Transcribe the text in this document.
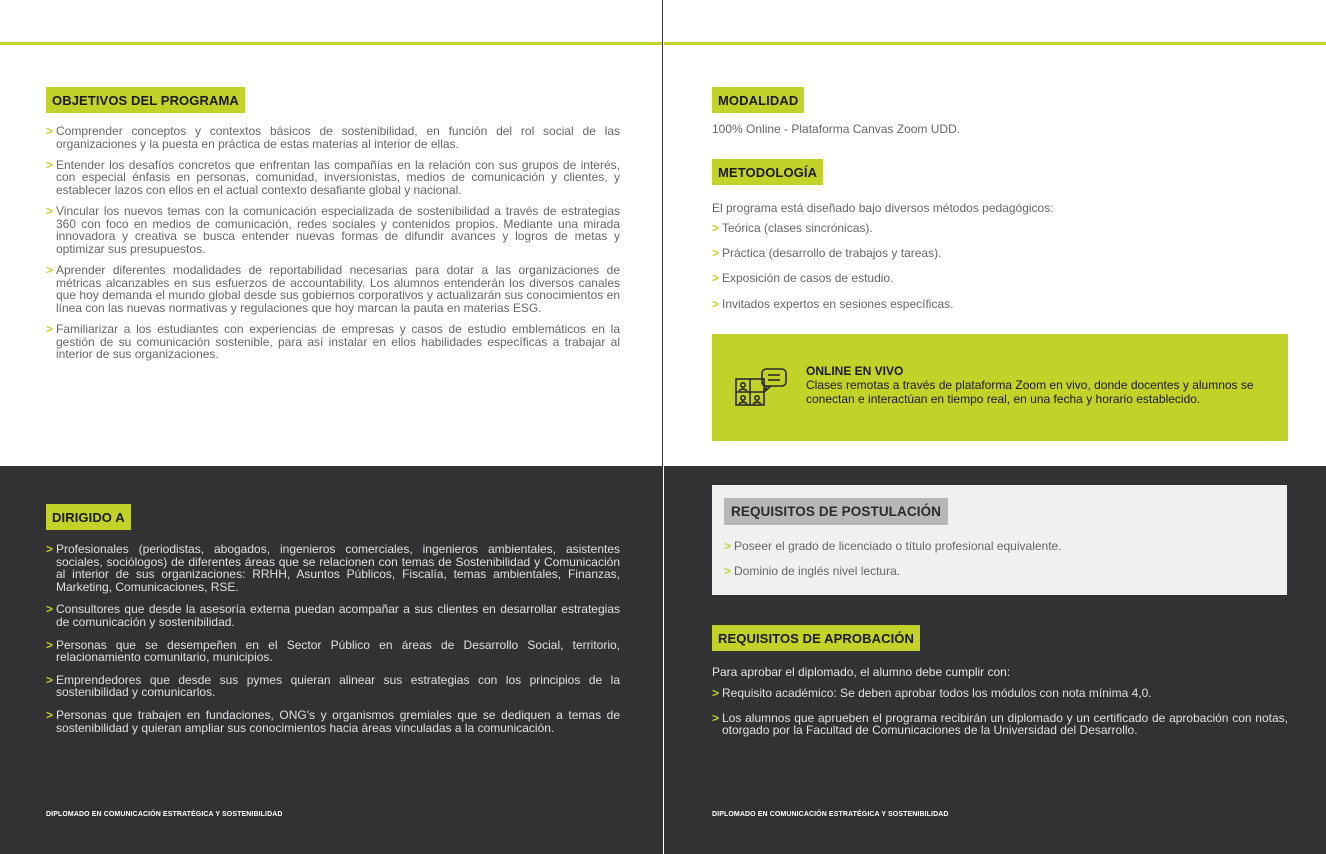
OBJETIVOS DEL PROGRAMA
> Comprender conceptos y contextos básicos de sostenibilidad, en función del rol social de las organizaciones y la puesta en práctica de estas materias al interior de ellas.
> Entender los desafíos concretos que enfrentan las compañías en la relación con sus grupos de interés, con especial énfasis en personas, comunidad, inversionistas, medios de comunicación y clientes, y establecer lazos con ellos en el actual contexto desafiante global y nacional.
> Vincular los nuevos temas con la comunicación especializada de sostenibilidad a través de estrategias 360 con foco en medios de comunicación, redes sociales y contenidos propios. Mediante una mirada innovadora y creativa se busca entender nuevas formas de difundir avances y logros de metas y optimizar sus presupuestos.
> Aprender diferentes modalidades de reportabilidad necesarias para dotar a las organizaciones de métricas alcanzables en sus esfuerzos de accountability. Los alumnos entenderán los diversos canales que hoy demanda el mundo global desde sus gobiernos corporativos y actualizarán sus conocimientos en línea con las nuevas normativas y regulaciones que hoy marcan la pauta en materias ESG.
> Familiarizar a los estudiantes con experiencias de empresas y casos de estudio emblemáticos en la gestión de su comunicación sostenible, para así instalar en ellos habilidades específicas a trabajar al interior de sus organizaciones.
DIRIGIDO A
> Profesionales (periodistas, abogados, ingenieros comerciales, ingenieros ambientales, asistentes sociales, sociólogos) de diferentes áreas que se relacionen con temas de Sostenibilidad y Comunicación al interior de sus organizaciones: RRHH, Asuntos Públicos, Fiscalía, temas ambientales, Finanzas, Marketing, Comunicaciones, RSE.
> Consultores que desde la asesoría externa puedan acompañar a sus clientes en desarrollar estrategias de comunicación y sostenibilidad.
> Personas que se desempeñen en el Sector Público en áreas de Desarrollo Social, territorio, relacionamiento comunitario, municipios.
> Emprendedores que desde sus pymes quieran alinear sus estrategias con los principios de la sostenibilidad y comunicarlos.
> Personas que trabajen en fundaciones, ONG's y organismos gremiales que se dediquen a temas de sostenibilidad y quieran ampliar sus conocimientos hacia áreas vinculadas a la comunicación.
DIPLOMADO EN COMUNICACIÓN ESTRATÉGICA Y SOSTENIBILIDAD
MODALIDAD
100% Online - Plataforma Canvas Zoom UDD.
METODOLOGÍA
El programa está diseñado bajo diversos métodos pedagógicos:
> Teórica (clases sincrónicas).
> Práctica (desarrollo de trabajos y tareas).
> Exposición de casos de estudio.
> Invitados expertos en sesiones específicas.
ONLINE EN VIVO
Clases remotas a través de plataforma Zoom en vivo, donde docentes y alumnos se conectan e interactúan en tiempo real, en una fecha y horario establecido.
REQUISITOS DE POSTULACIÓN
> Poseer el grado de licenciado o título profesional equivalente.
> Dominio de inglés nivel lectura.
REQUISITOS DE APROBACIÓN
Para aprobar el diplomado, el alumno debe cumplir con:
> Requisito académico: Se deben aprobar todos los módulos con nota mínima 4,0.
> Los alumnos que aprueben el programa recibirán un diplomado y un certificado de aprobación con notas, otorgado por la Facultad de Comunicaciones de la Universidad del Desarrollo.
DIPLOMADO EN COMUNICACIÓN ESTRATÉGICA Y SOSTENIBILIDAD
